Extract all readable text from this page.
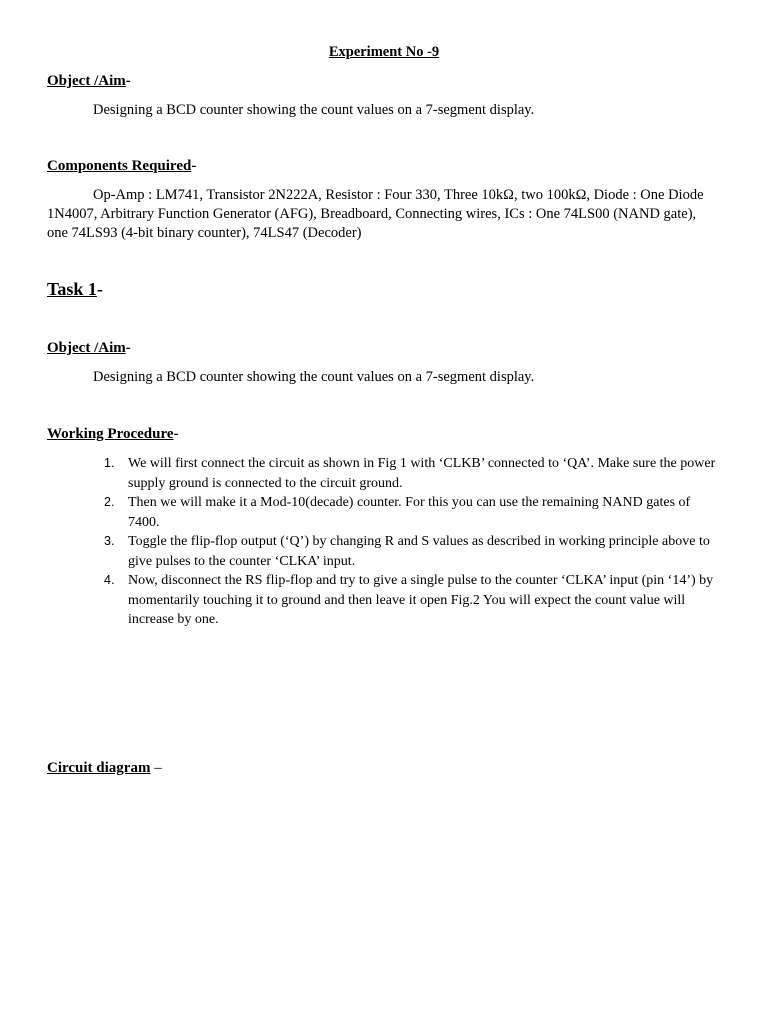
Experiment No -9
Object /Aim-
Designing a BCD counter showing the count values on a 7-segment display.
Components Required-
Op-Amp : LM741, Transistor 2N222A, Resistor : Four 330, Three 10kΩ, two 100kΩ, Diode : One Diode 1N4007, Arbitrary Function Generator (AFG), Breadboard, Connecting wires, ICs : One 74LS00 (NAND gate), one 74LS93 (4-bit binary counter), 74LS47 (Decoder)
Task 1-
Object /Aim-
Designing a BCD counter showing the count values on a 7-segment display.
Working Procedure-
1. We will first connect the circuit as shown in Fig 1 with ‘CLKB’ connected to ‘QA’. Make sure the power supply ground is connected to the circuit ground.
2. Then we will make it a Mod-10(decade) counter. For this you can use the remaining NAND gates of 7400.
3. Toggle the flip-flop output (‘Q’) by changing R and S values as described in working principle above to give pulses to the counter ‘CLKA’ input.
4. Now, disconnect the RS flip-flop and try to give a single pulse to the counter ‘CLKA’ input (pin ‘14’) by momentarily touching it to ground and then leave it open Fig.2 You will expect the count value will increase by one.
Circuit diagram –
